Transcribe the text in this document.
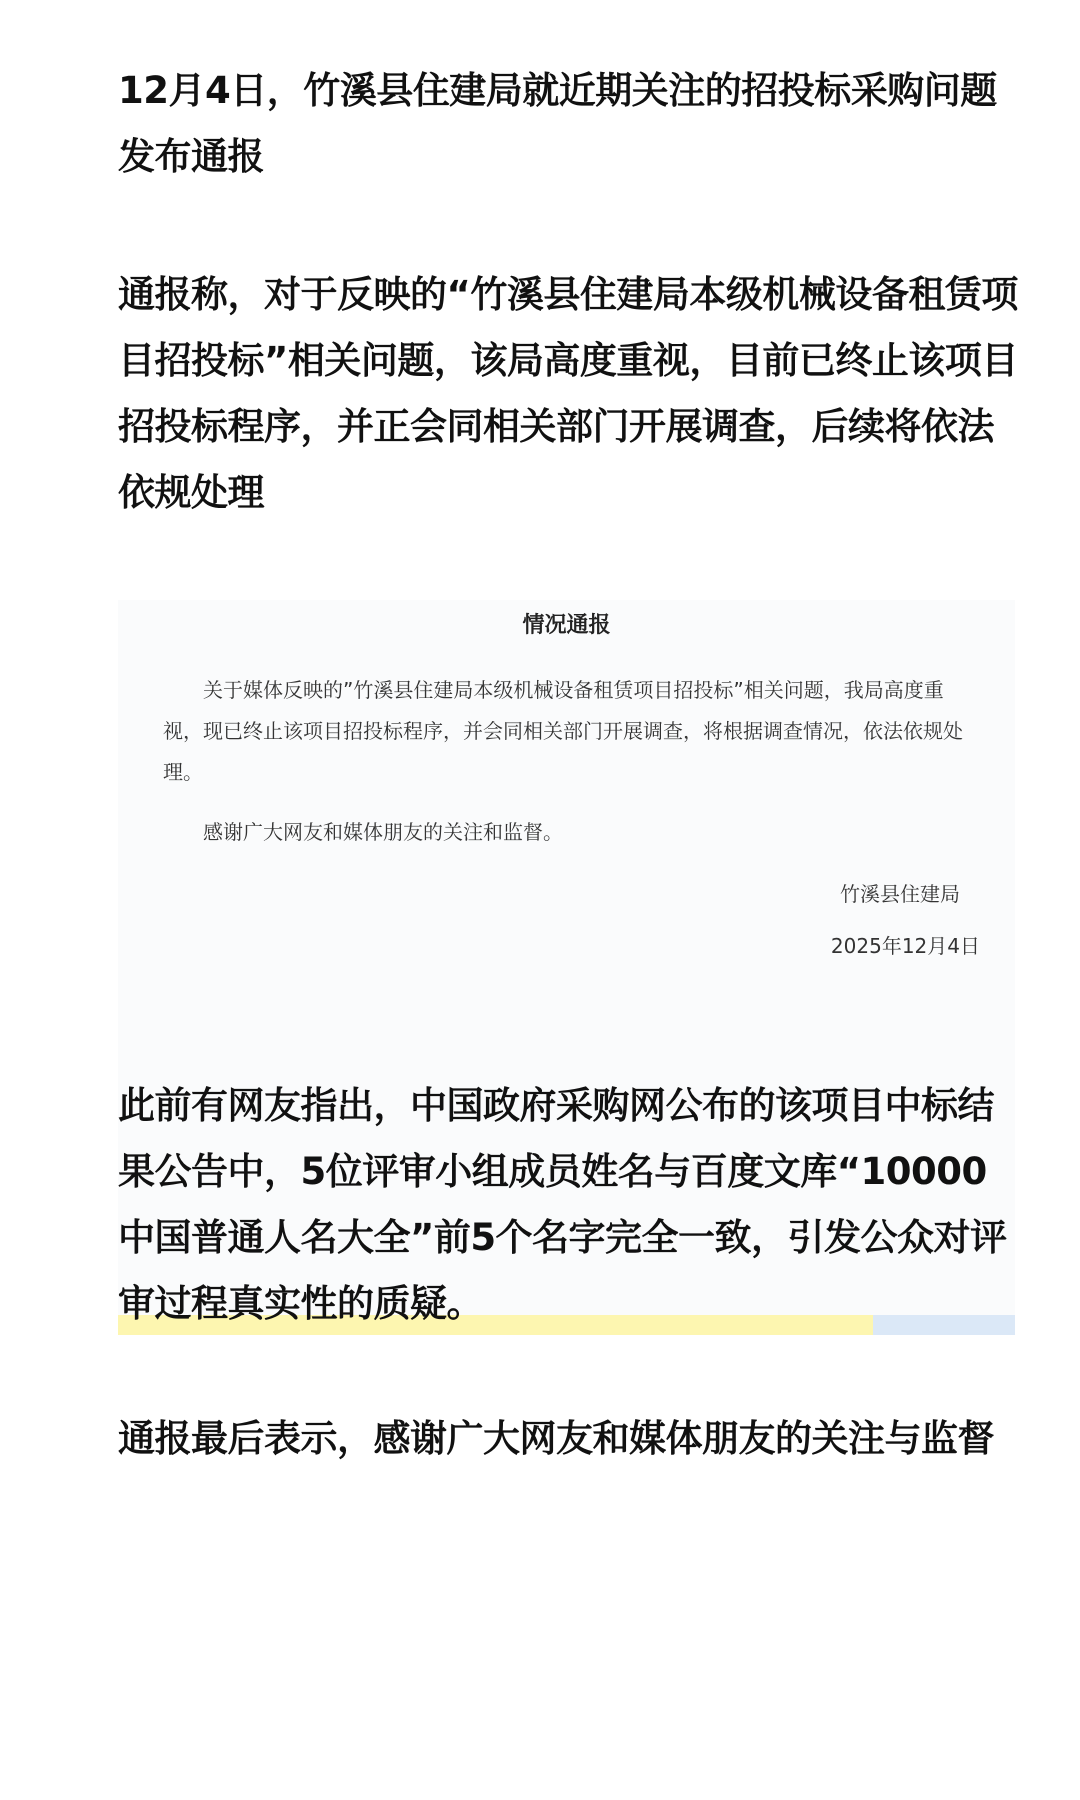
12月4日，竹溪县住建局就近期关注的招投标采购问题发布通报

通报称，对于反映的“竹溪县住建局本级机械设备租赁项目招投标”相关问题，该局高度重视，目前已终止该项目招投标程序，并正会同相关部门开展调查，后续将依法依规处理

情况通报

关于媒体反映的”竹溪县住建局本级机械设备租赁项目招投标”相关问题，我局高度重视，现已终止该项目招投标程序，并会同相关部门开展调查，将根据调查情况，依法依规处理。

感谢广大网友和媒体朋友的关注和监督。
竹溪县住建局
2025年12月4日

此前有网友指出，中国政府采购网公布的该项目中标结果公告中，5位评审小组成员姓名与百度文库“10000中国普通人名大全”前5个名字完全一致，引发公众对评审过程真实性的质疑。

通报最后表示，感谢广大网友和媒体朋友的关注与监督
